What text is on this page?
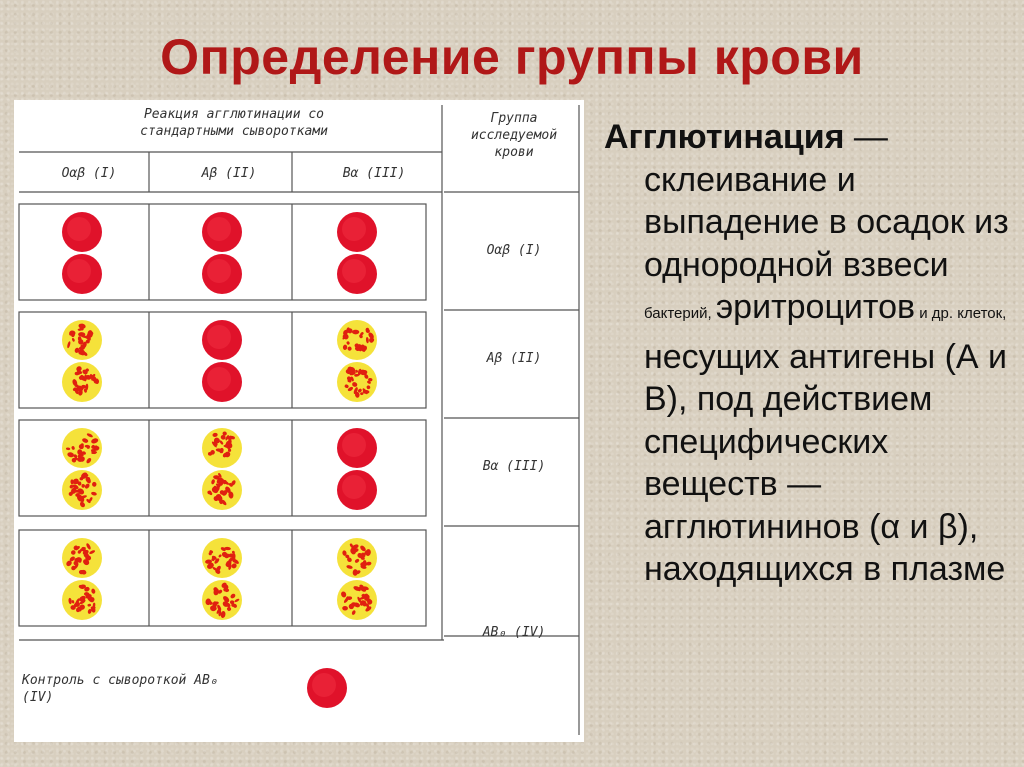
Определение группы крови
Реакция агглютинации со стандартными сыворотками
Группа исследуемой крови
Oαβ (I)	Aβ (II)	Bα (III)
Oαβ (I)
Aβ (II)
Bα (III)
AB₀ (IV)
Контроль с сывороткой AB₀ (IV)
Агглютинация —
склеивание и выпадение в осадок из однородной взвеси бактерий, эритроцитов и др. клеток, несущих антигены (А и В), под действием специфических веществ — агглютининов (α и β), находящихся в плазме
